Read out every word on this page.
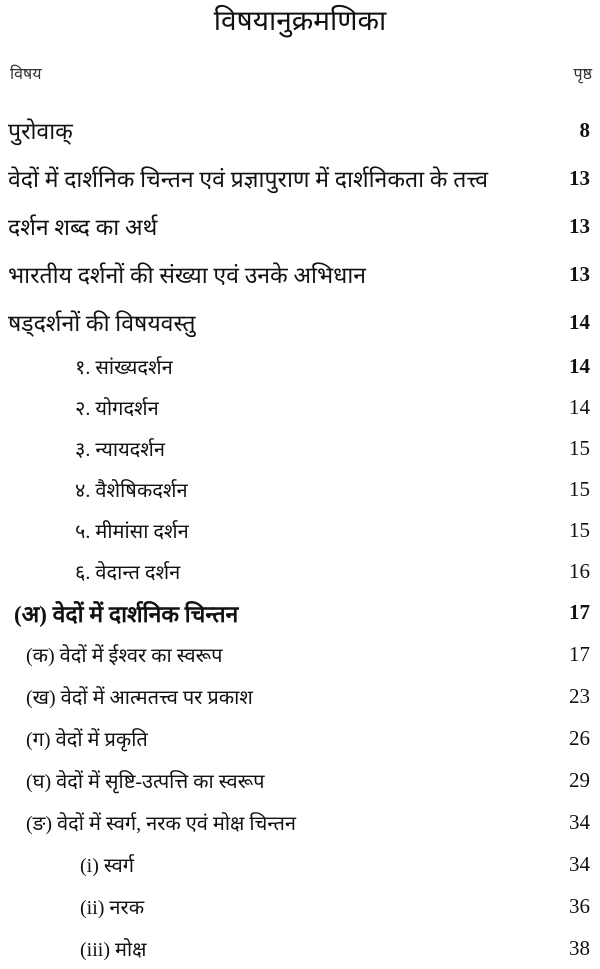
विषयानुक्रमणिका
विषय	पृष्ठ
पुरोवाक्	8
वेदों में दार्शनिक चिन्तन एवं प्रज्ञापुराण में दार्शनिकता के तत्त्व	13
दर्शन शब्द का अर्थ	13
भारतीय दर्शनों की संख्या एवं उनके अभिधान	13
षड्दर्शनों की विषयवस्तु	14
१. सांख्यदर्शन	14
२. योगदर्शन	14
३. न्यायदर्शन	15
४. वैशेषिकदर्शन	15
५. मीमांसा दर्शन	15
६. वेदान्त दर्शन	16
(अ) वेदों में दार्शनिक चिन्तन	17
(क) वेदों में ईश्वर का स्वरूप	17
(ख) वेदों में आत्मतत्त्व पर प्रकाश	23
(ग) वेदों में प्रकृति	26
(घ) वेदों में सृष्टि-उत्पत्ति का स्वरूप	29
(ङ) वेदों में स्वर्ग, नरक एवं मोक्ष चिन्तन	34
(i) स्वर्ग	34
(ii) नरक	36
(iii) मोक्ष	38
